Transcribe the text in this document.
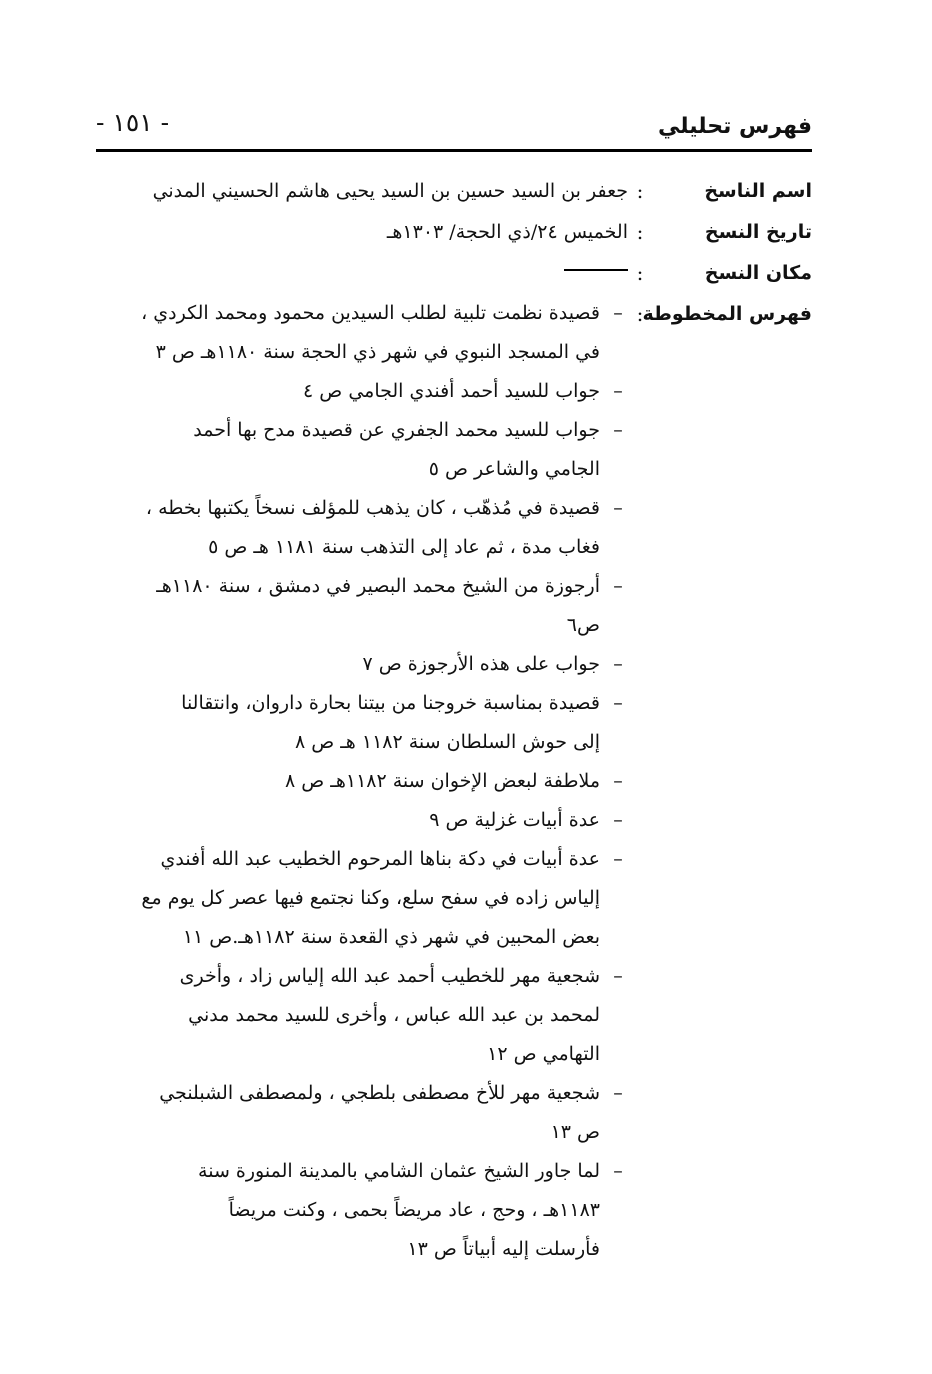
فهرس تحليلي
- ١٥١ -
اسم الناسخ
:
جعفر بن السيد حسين بن السيد يحيى هاشم الحسيني المدني
تاريخ النسخ
:
الخميس ٢٤/ذي الحجة/ ١٣٠٣هـ
مكان النسخ
:
فهرس المخطوطة
:
–
قصيدة نظمت تلبية لطلب السيدين محمود ومحمد الكردي ،
في المسجد النبوي في شهر ذي الحجة سنة ١١٨٠هـ ص ٣
–
جواب للسيد أحمد أفندي الجامي ص ٤
–
جواب للسيد محمد الجفري عن قصيدة مدح بها أحمد
الجامي والشاعر ص ٥
–
قصيدة في مُذهّب ، كان يذهب للمؤلف نسخاً يكتبها بخطه ،
فغاب مدة ، ثم عاد إلى التذهب سنة ١١٨١ هـ ص ٥
–
أرجوزة من الشيخ محمد البصير في دمشق ، سنة ١١٨٠هـ
ص٦
–
جواب على هذه الأرجوزة ص ٧
–
قصيدة بمناسبة خروجنا من بيتنا بحارة داروان، وانتقالنا
إلى حوش السلطان سنة ١١٨٢ هـ ص ٨
–
ملاطفة لبعض الإخوان سنة ١١٨٢هـ ص ٨
–
عدة أبيات غزلية ص ٩
–
عدة أبيات في دكة بناها المرحوم الخطيب عبد الله أفندي
إلياس زاده في سفح سلع، وكنا نجتمع فيها عصر كل يوم مع
بعض المحبين في شهر ذي القعدة سنة ١١٨٢هـ.ص ١١
–
شجعية مهر للخطيب أحمد عبد الله إلياس زاد ، وأخرى
لمحمد بن عبد الله عباس ، وأخرى للسيد محمد مدني
التهامي ص ١٢
–
شجعية مهر للأخ مصطفى بلطجي ، ولمصطفى الشبلنجي
ص ١٣
–
لما جاور الشيخ عثمان الشامي بالمدينة المنورة سنة
١١٨٣هـ ، وحج ، عاد مريضاً بحمى ، وكنت مريضاً
فأرسلت إليه أبياتاً ص ١٣
